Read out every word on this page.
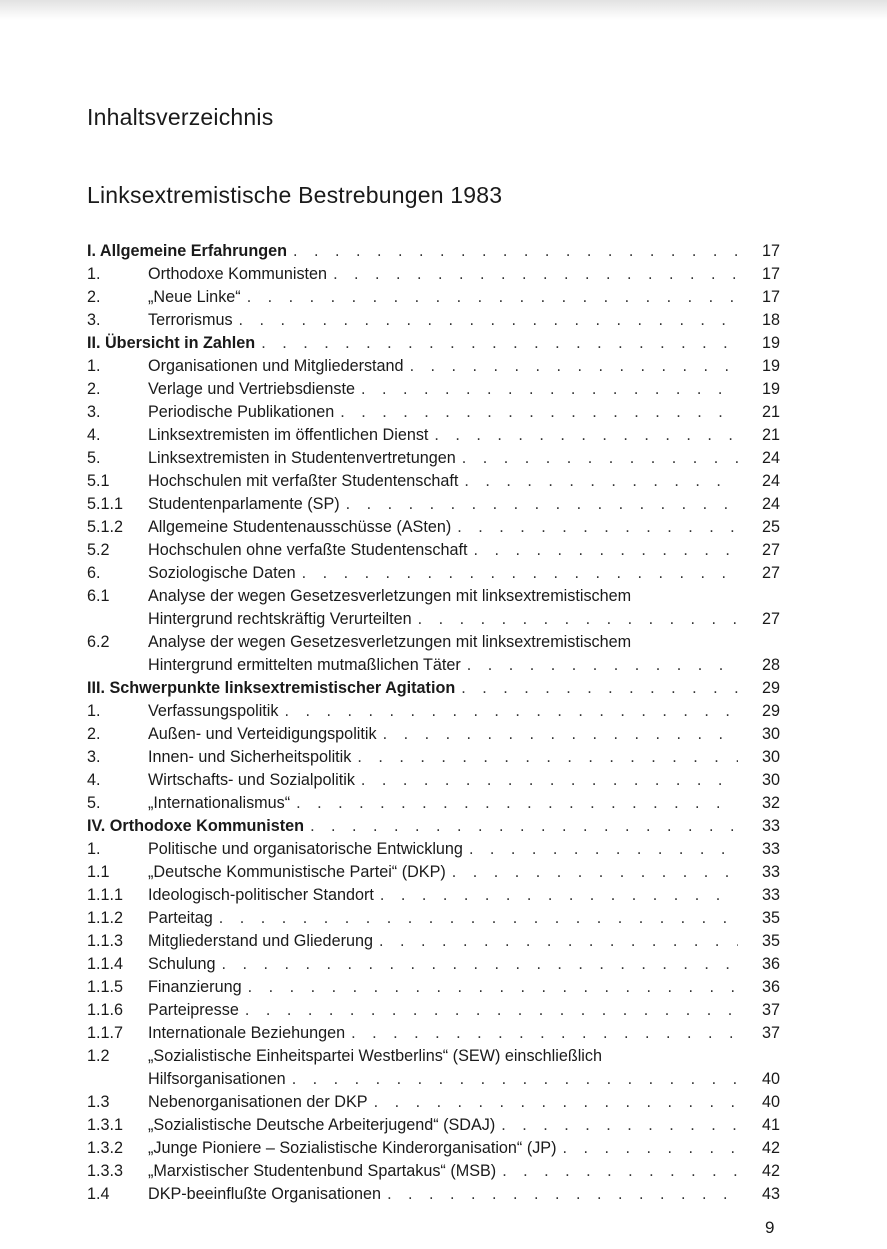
Inhaltsverzeichnis
Linksextremistische Bestrebungen 1983
I. Allgemeine Erfahrungen . . .	17
1.	Orthodoxe Kommunisten . . .	17
2.	„Neue Linke“ . . .	17
3.	Terrorismus . . .	18
II. Übersicht in Zahlen . . .	19
1.	Organisationen und Mitgliederstand . . .	19
2.	Verlage und Vertriebsdienste . . .	19
3.	Periodische Publikationen . . .	21
4.	Linksextremisten im öffentlichen Dienst . . .	21
5.	Linksextremisten in Studentenvertretungen . . .	24
5.1	Hochschulen mit verfaßter Studentenschaft . . .	24
5.1.1	Studentenparlamente (SP) . . .	24
5.1.2	Allgemeine Studentenausschüsse (ASten) . . .	25
5.2	Hochschulen ohne verfaßte Studentenschaft . . .	27
6.	Soziologische Daten . . .	27
6.1	Analyse der wegen Gesetzesverletzungen mit linksextremistischem
Hintergrund rechtskräftig Verurteilten . . .	27
6.2	Analyse der wegen Gesetzesverletzungen mit linksextremistischem
Hintergrund ermittelten mutmaßlichen Täter . . .	28
III. Schwerpunkte linksextremistischer Agitation . . .	29
1.	Verfassungspolitik . . .	29
2.	Außen- und Verteidigungspolitik . . .	30
3.	Innen- und Sicherheitspolitik . . .	30
4.	Wirtschafts- und Sozialpolitik . . .	30
5.	„Internationalismus“ . . .	32
IV. Orthodoxe Kommunisten . . .	33
1.	Politische und organisatorische Entwicklung . . .	33
1.1	„Deutsche Kommunistische Partei“ (DKP) . . .	33
1.1.1	Ideologisch-politischer Standort . . .	33
1.1.2	Parteitag . . .	35
1.1.3	Mitgliederstand und Gliederung . . .	35
1.1.4	Schulung . . .	36
1.1.5	Finanzierung . . .	36
1.1.6	Parteipresse . . .	37
1.1.7	Internationale Beziehungen . . .	37
1.2	„Sozialistische Einheitspartei Westberlins“ (SEW) einschließlich
Hilfsorganisationen . . .	40
1.3	Nebenorganisationen der DKP . . .	40
1.3.1	„Sozialistische Deutsche Arbeiterjugend“ (SDAJ) . . .	41
1.3.2	„Junge Pioniere – Sozialistische Kinderorganisation“ (JP) . . .	42
1.3.3	„Marxistischer Studentenbund Spartakus“ (MSB) . . .	42
1.4	DKP-beeinflußte Organisationen . . .	43
9
